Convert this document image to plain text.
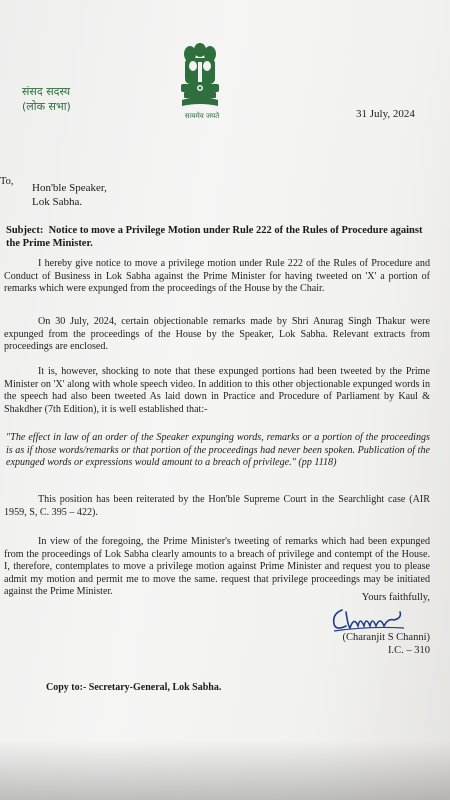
संसद सदस्य
(लोक सभा)
सत्यमेव जयते	31 July, 2024
To,
Hon'ble Speaker,
Lok Sabha.
Subject: Notice to move a Privilege Motion under Rule 222 of the Rules of Procedure against the Prime Minister.
I hereby give notice to move a privilege motion under Rule 222 of the Rules of Procedure and Conduct of Business in Lok Sabha against the Prime Minister for having tweeted on 'X' a portion of remarks which were expunged from the proceedings of the House by the Chair.
On 30 July, 2024, certain objectionable remarks made by Shri Anurag Singh Thakur were expunged from the proceedings of the House by the Speaker, Lok Sabha. Relevant extracts from proceedings are enclosed.
It is, however, shocking to note that these expunged portions had been tweeted by the Prime Minister on 'X' along with whole speech video. In addition to this other objectionable expunged words in the speech had also been tweeted As laid down in Practice and Procedure of Parliament by Kaul & Shakdher (7th Edition), it is well established that:-
"The effect in law of an order of the Speaker expunging words, remarks or a portion of the proceedings is as if those words/remarks or that portion of the proceedings had never been spoken. Publication of the expunged words or expressions would amount to a breach of privilege." (pp 1118)
This position has been reiterated by the Hon'ble Supreme Court in the Searchlight case (AIR 1959, S, C. 395 – 422).
In view of the foregoing, the Prime Minister's tweeting of remarks which had been expunged from the proceedings of Lok Sabha clearly amounts to a breach of privilege and contempt of the House. I, therefore, contemplates to move a privilege motion against Prime Minister and request you to please admit my motion and permit me to move the same. request that privilege proceedings may be initiated against the Prime Minister.
Yours faithfully,
(Charanjit S Channi)
I.C. – 310
Copy to:- Secretary-General, Lok Sabha.
